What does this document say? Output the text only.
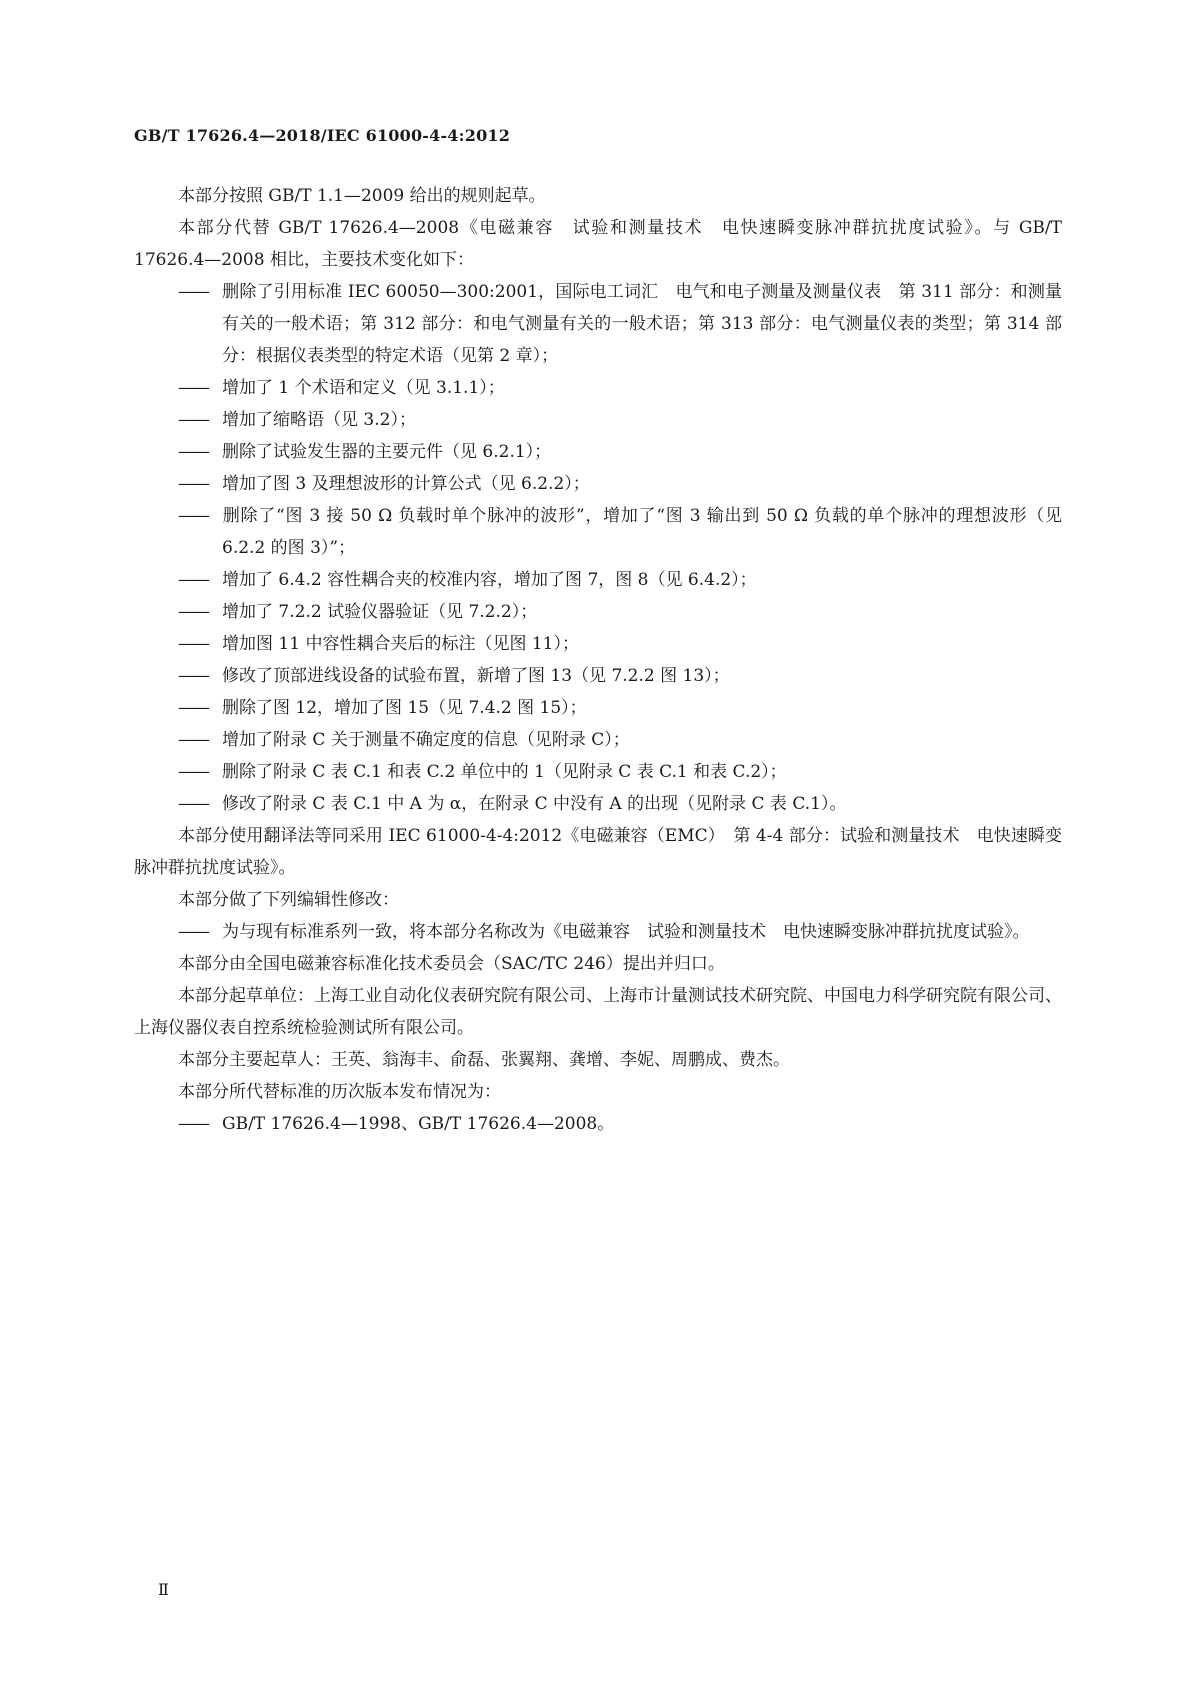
GB/T 17626.4—2018/IEC 61000-4-4:2012

本部分按照 GB/T 1.1—2009 给出的规则起草。

本部分代替 GB/T 17626.4—2008《电磁兼容　试验和测量技术　电快速瞬变脉冲群抗扰度试验》。与 GB/T 17626.4—2008 相比，主要技术变化如下：

—— 删除了引用标准 IEC 60050—300:2001，国际电工词汇　电气和电子测量及测量仪表　第 311 部分：和测量有关的一般术语；第 312 部分：和电气测量有关的一般术语；第 313 部分：电气测量仪表的类型；第 314 部分：根据仪表类型的特定术语（见第 2 章）；

—— 增加了 1 个术语和定义（见 3.1.1）；

—— 增加了缩略语（见 3.2）；

—— 删除了试验发生器的主要元件（见 6.2.1）；

—— 增加了图 3 及理想波形的计算公式（见 6.2.2）；

—— 删除了“图 3 接 50 Ω 负载时单个脉冲的波形”，增加了“图 3 输出到 50 Ω 负载的单个脉冲的理想波形（见 6.2.2 的图 3）”；

—— 增加了 6.4.2 容性耦合夹的校准内容，增加了图 7，图 8（见 6.4.2）；

—— 增加了 7.2.2 试验仪器验证（见 7.2.2）；

—— 增加图 11 中容性耦合夹后的标注（见图 11）；

—— 修改了顶部进线设备的试验布置，新增了图 13（见 7.2.2 图 13）；

—— 删除了图 12，增加了图 15（见 7.4.2 图 15）；

—— 增加了附录 C 关于测量不确定度的信息（见附录 C）；

—— 删除了附录 C 表 C.1 和表 C.2 单位中的 1（见附录 C 表 C.1 和表 C.2）；

—— 修改了附录 C 表 C.1 中 A 为 α，在附录 C 中没有 A 的出现（见附录 C 表 C.1）。

本部分使用翻译法等同采用 IEC 61000-4-4:2012《电磁兼容（EMC）　第 4-4 部分：试验和测量技术　电快速瞬变脉冲群抗扰度试验》。

本部分做了下列编辑性修改：

—— 为与现有标准系列一致，将本部分名称改为《电磁兼容　试验和测量技术　电快速瞬变脉冲群抗扰度试验》。

本部分由全国电磁兼容标准化技术委员会（SAC/TC 246）提出并归口。

本部分起草单位：上海工业自动化仪表研究院有限公司、上海市计量测试技术研究院、中国电力科学研究院有限公司、上海仪器仪表自控系统检验测试所有限公司。

本部分主要起草人：王英、翁海丰、俞磊、张翼翔、龚增、李妮、周鹏成、费杰。

本部分所代替标准的历次版本发布情况为：

—— GB/T 17626.4—1998、GB/T 17626.4—2008。

Ⅱ
